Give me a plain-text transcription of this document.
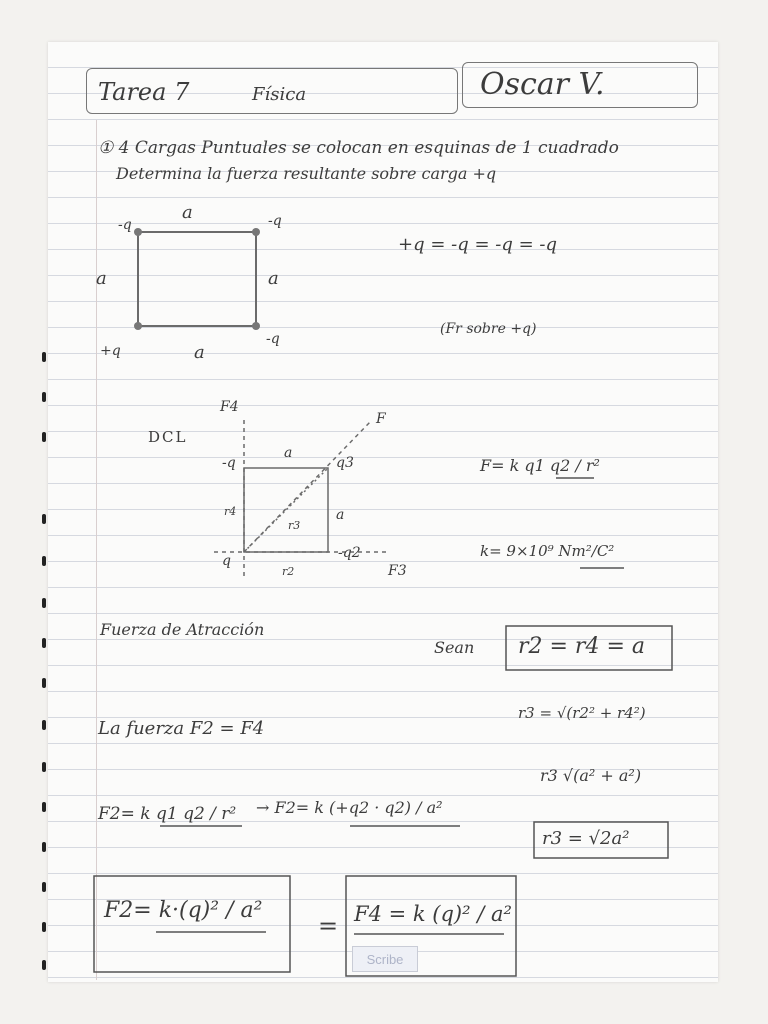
Tarea 7	Física	Oscar V.
① 4 Cargas Puntuales se colocan en esquinas de 1 cuadrado
Determina la fuerza resultante sobre carga +q
a
a	a
a
-q	-q
+q
-q
+q = -q = -q = -q
(Fr sobre +q)
DCL
F4
F
a
a
-q	q3
q	-q2
r2
r3
r4
F3
F= k q1 q2 / r²
k= 9×10⁹ Nm²/C²
Fuerza de Atracción
Sean r2 = r4 = a
La fuerza F2 = F4
r3 = √(r2² + r4²)
r3 √(a² + a²)
r3 = √2a²
F2= k q1 q2 / r² → F2= k (+q2 · q2) / a²
F2= k·(q)² / a²
= F4 = k (q)² / a²
Scribe
